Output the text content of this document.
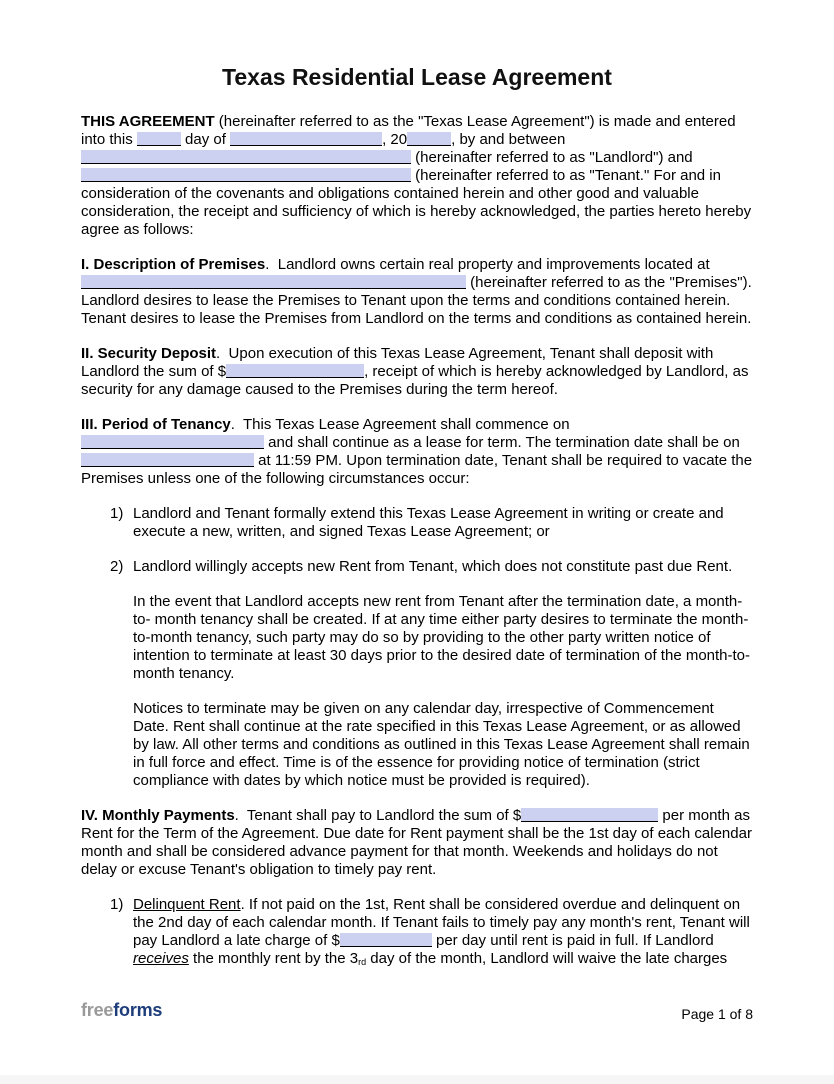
Texas Residential Lease Agreement

THIS AGREEMENT (hereinafter referred to as the "Texas Lease Agreement") is made and entered into this	day of	, 20	, by and between  (hereinafter referred to as "Landlord") and  (hereinafter referred to as "Tenant." For and in consideration of the covenants and obligations contained herein and other good and valuable consideration, the receipt and sufficiency of which is hereby acknowledged, the parties hereto hereby agree as follows:

I. Description of Premises.  Landlord owns certain real property and improvements located at  (hereinafter referred to as the "Premises"). Landlord desires to lease the Premises to Tenant upon the terms and conditions contained herein. Tenant desires to lease the Premises from Landlord on the terms and conditions as contained herein.

II. Security Deposit.  Upon execution of this Texas Lease Agreement, Tenant shall deposit with Landlord the sum of $	, receipt of which is hereby acknowledged by Landlord, as security for any damage caused to the Premises during the term hereof.

III. Period of Tenancy.  This Texas Lease Agreement shall commence on  and shall continue as a lease for term. The termination date shall be on  at 11:59 PM. Upon termination date, Tenant shall be required to vacate the Premises unless one of the following circumstances occur:

1) Landlord and Tenant formally extend this Texas Lease Agreement in writing or create and execute a new, written, and signed Texas Lease Agreement; or
2) Landlord willingly accepts new Rent from Tenant, which does not constitute past due Rent.

In the event that Landlord accepts new rent from Tenant after the termination date, a month-to- month tenancy shall be created. If at any time either party desires to terminate the month-to-month tenancy, such party may do so by providing to the other party written notice of intention to terminate at least 30 days prior to the desired date of termination of the month-to-month tenancy.

Notices to terminate may be given on any calendar day, irrespective of Commencement Date. Rent shall continue at the rate specified in this Texas Lease Agreement, or as allowed by law. All other terms and conditions as outlined in this Texas Lease Agreement shall remain in full force and effect. Time is of the essence for providing notice of termination (strict compliance with dates by which notice must be provided is required).

IV. Monthly Payments.  Tenant shall pay to Landlord the sum of $	per month as Rent for the Term of the Agreement. Due date for Rent payment shall be the 1st day of each calendar month and shall be considered advance payment for that month. Weekends and holidays do not delay or excuse Tenant's obligation to timely pay rent.

1) Delinquent Rent. If not paid on the 1st, Rent shall be considered overdue and delinquent on the 2nd day of each calendar month. If Tenant fails to timely pay any month's rent, Tenant will pay Landlord a late charge of $	per day until rent is paid in full. If Landlord receives the monthly rent by the 3rd day of the month, Landlord will waive the late charges
freeforms	Page 1 of 8
